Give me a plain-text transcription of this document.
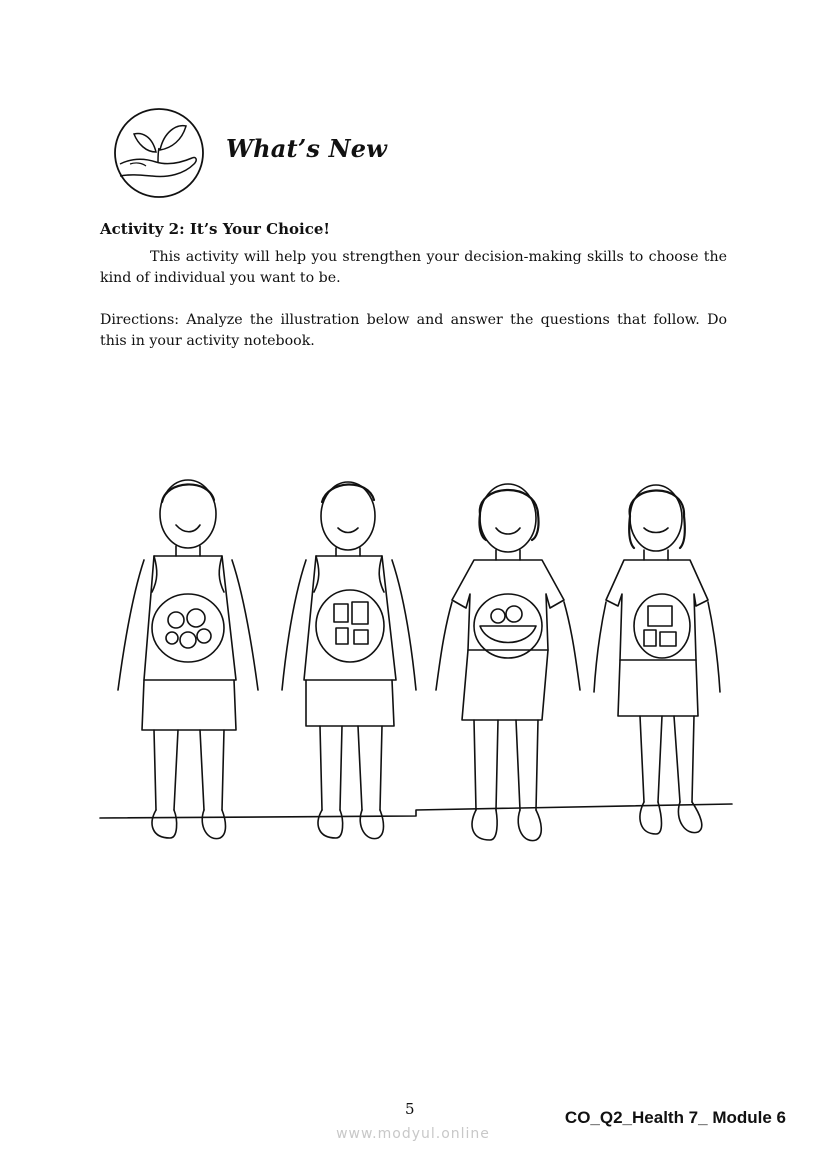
What’s New
Activity 2: It’s Your Choice!

This activity will help you strengthen your decision-making skills to choose the kind of individual you want to be.

Directions: Analyze the illustration below and answer the questions that follow. Do this in your activity notebook.

5	CO_Q2_Health 7_ Module 6
www.modyul.online
